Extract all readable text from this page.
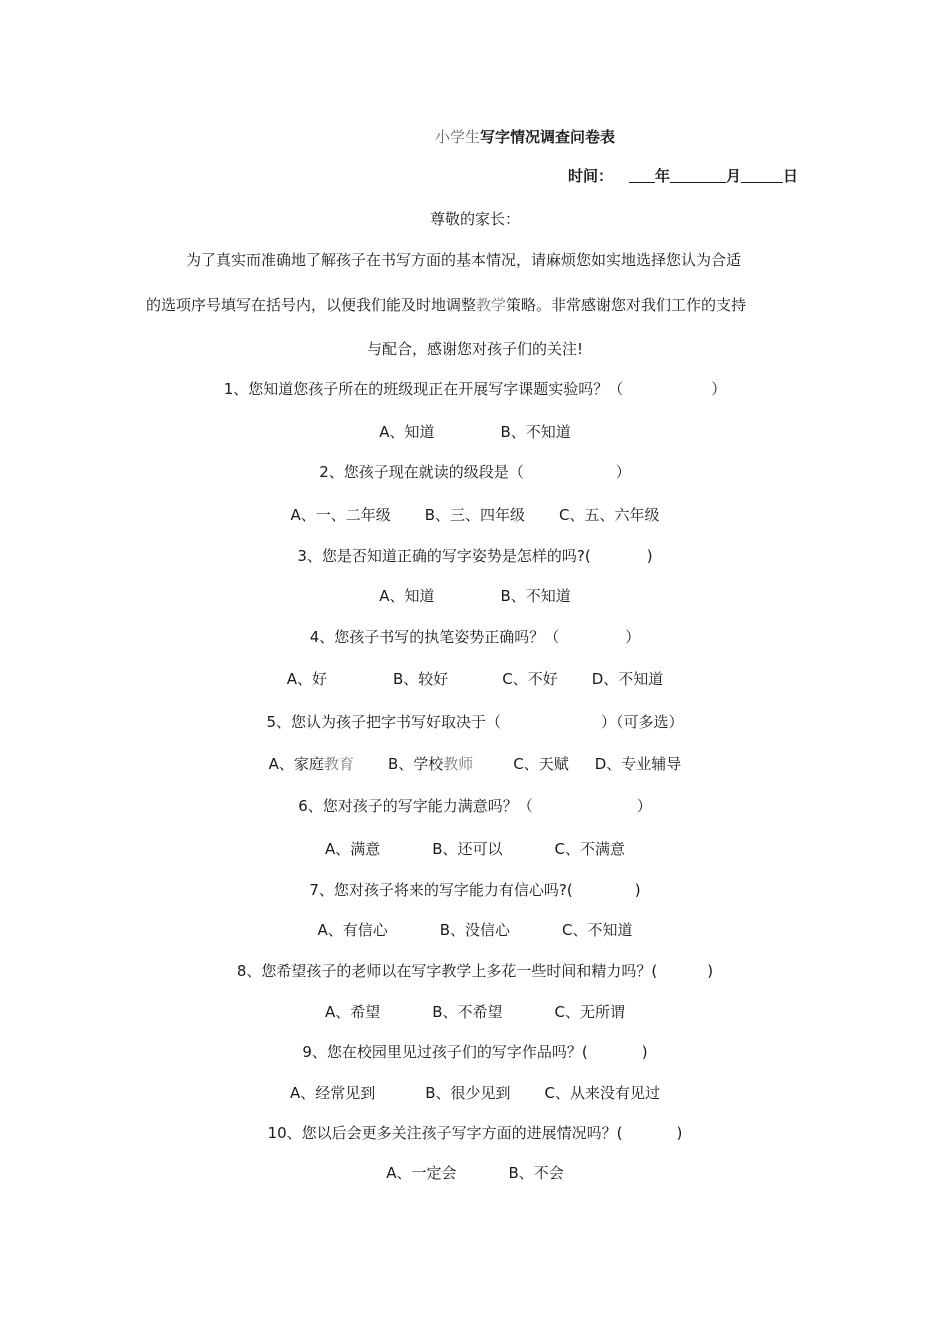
小学生写字情况调查问卷表
时间：	年	月	日
尊敬的家长：
为了真实而准确地了解孩子在书写方面的基本情况，请麻烦您如实地选择您认为合适
的选项序号填写在括号内，以便我们能及时地调整教学策略。非常感谢您对我们工作的支持
与配合，感谢您对孩子们的关注!
1、您知道您孩子所在的班级现正在开展写字课题实验吗？（	）
A、知道	B、不知道
2、您孩子现在就读的级段是（	）
A、一、二年级 B、三、四年级 C、五、六年级
3、您是否知道正确的写字姿势是怎样的吗?(	)
A、知道	B、不知道
4、您孩子书写的执笔姿势正确吗？（	）
A、好	B、较好	C、不好 D、不知道
5、您认为孩子把字书写好取决于（	）（可多选）
A、家庭教育 B、学校教师	C、天赋 D、专业辅导
6、您对孩子的写字能力满意吗？（	）
A、满意	B、还可以	C、不满意
7、您对孩子将来的写字能力有信心吗?(	)
A、有信心	B、没信心	C、不知道
8、您希望孩子的老师以在写字教学上多花一些时间和精力吗？(	)
A、希望	B、不希望	C、无所谓
9、您在校园里见过孩子们的写字作品吗？(	)
A、经常见到	B、很少见到 C、从来没有见过
10、您以后会更多关注孩子写字方面的进展情况吗？(	)
A、一定会	B、不会
